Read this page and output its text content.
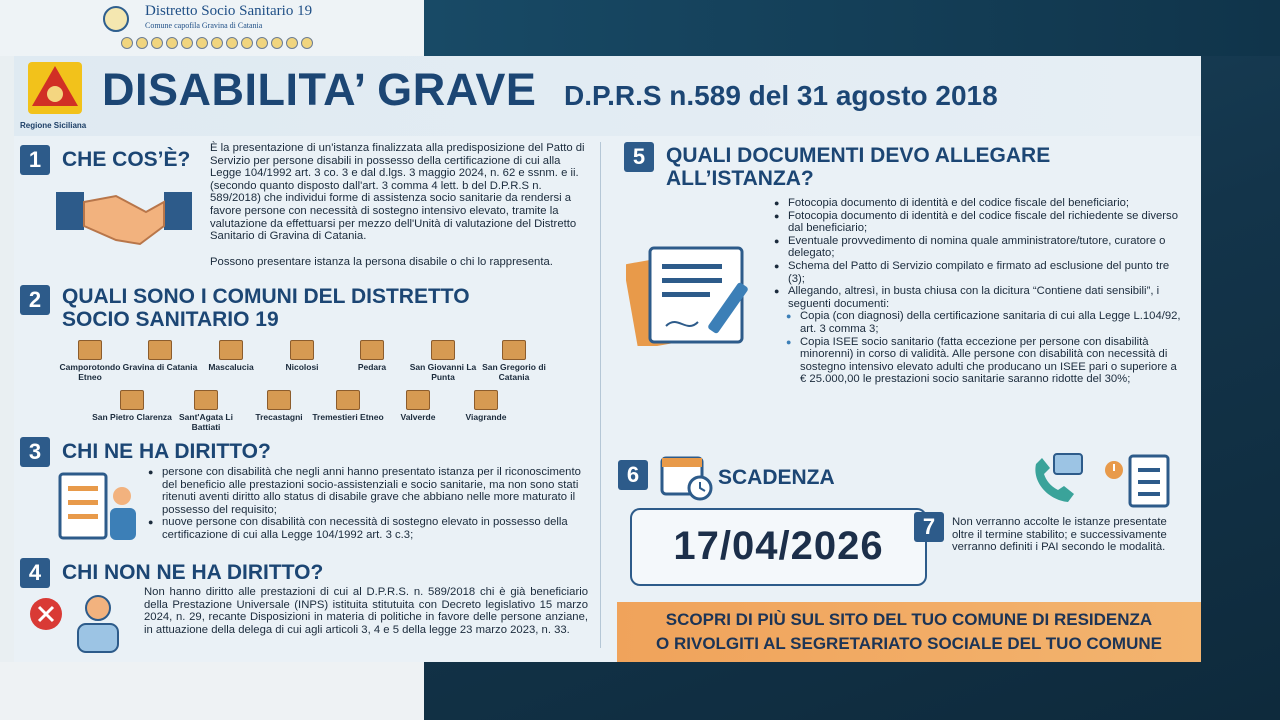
Distretto Socio Sanitario 19
Comune capofila Gravina di Catania
Regione Siciliana
DISABILITA’ GRAVE D.P.R.S n.589 del 31 agosto 2018
1 CHE COS’È? È la presentazione di un'istanza finalizzata alla predisposizione del Patto di Servizio per persone disabili in possesso della certificazione di cui alla Legge 104/1992 art. 3 co. 3 e dal d.lgs. 3 maggio 2024, n. 62 e ssnm. e ii. (secondo quanto disposto dall'art. 3 comma 4 lett. b del D.P.R.S n. 589/2018) che individui forme di assistenza socio sanitarie da rendersi a favore persone con necessità di sostegno intensivo elevato, tramite la valutazione da effettuarsi per mezzo dell'Unità di valutazione del Distretto Sanitario di Gravina di Catania.
Possono presentare istanza la persona disabile o chi lo rappresenta.
2 QUALI SONO I COMUNI DEL DISTRETTO
SOCIO SANITARIO 19
Camporotondo Etneo
Gravina di Catania	Mascalucia	Nicolosi	Pedara	San Giovanni La Punta
San Gregorio di Catania
San Pietro Clarenza Sant'Agata Li Battiati
Trecastagni	Tremestieri Etneo	Valverde	Viagrande
3 CHI NE HA DIRITTO?
● persone con disabilità che negli anni hanno presentato istanza per il riconoscimento del beneficio alle prestazioni socio-assistenziali e socio sanitarie, ma non sono stati ritenuti aventi diritto allo status di disabile grave che abbiano nelle more maturato il possesso del requisito;
● nuove persone con disabilità con necessità di sostegno elevato in possesso della certificazione di cui alla Legge 104/1992 art. 3 c.3;
4 CHI NON NE HA DIRITTO?
Non hanno diritto alle prestazioni di cui al D.P.R.S. n. 589/2018 chi è già beneficiario della Prestazione Universale (INPS) istituita stitutuita con Decreto legislativo 15 marzo 2024, n. 29, recante Disposizioni in materia di politiche in favore delle persone anziane, in attuazione della delega di cui agli articoli 3, 4 e 5 della legge 23 marzo 2023, n. 33.
5 QUALI DOCUMENTI DEVO ALLEGARE
ALL’ISTANZA?
● Fotocopia documento di identità e del codice fiscale del beneficiario;
● Fotocopia documento di identità e del codice fiscale del richiedente se diverso dal beneficiario;
● Eventuale provvedimento di nomina quale amministratore/tutore, curatore o delegato;
● Schema del Patto di Servizio compilato e firmato ad esclusione del punto tre (3);
● Allegando, altresì, in busta chiusa con la dicitura “Contiene dati sensibili”, i seguenti documenti:
● Copia (con diagnosi) della certificazione sanitaria di cui alla Legge L.104/92, art. 3 comma 3;
● Copia ISEE socio sanitario (fatta eccezione per persone con disabilità minorenni) in corso di validità. Alle persone con disabilità con necessità di sostegno intensivo elevato adulti che producano un ISEE pari o superiore a € 25.000,00 le prestazioni socio sanitarie saranno ridotte del 30%;
6	SCADENZA
17/04/2026	7	Non verranno accolte le istanze presentate oltre il termine stabilito; e successivamente verranno definiti i PAI secondo le modalità.
SCOPRI DI PIÙ SUL SITO DEL TUO COMUNE DI RESIDENZA
O RIVOLGITI AL SEGRETARIATO SOCIALE DEL TUO COMUNE
